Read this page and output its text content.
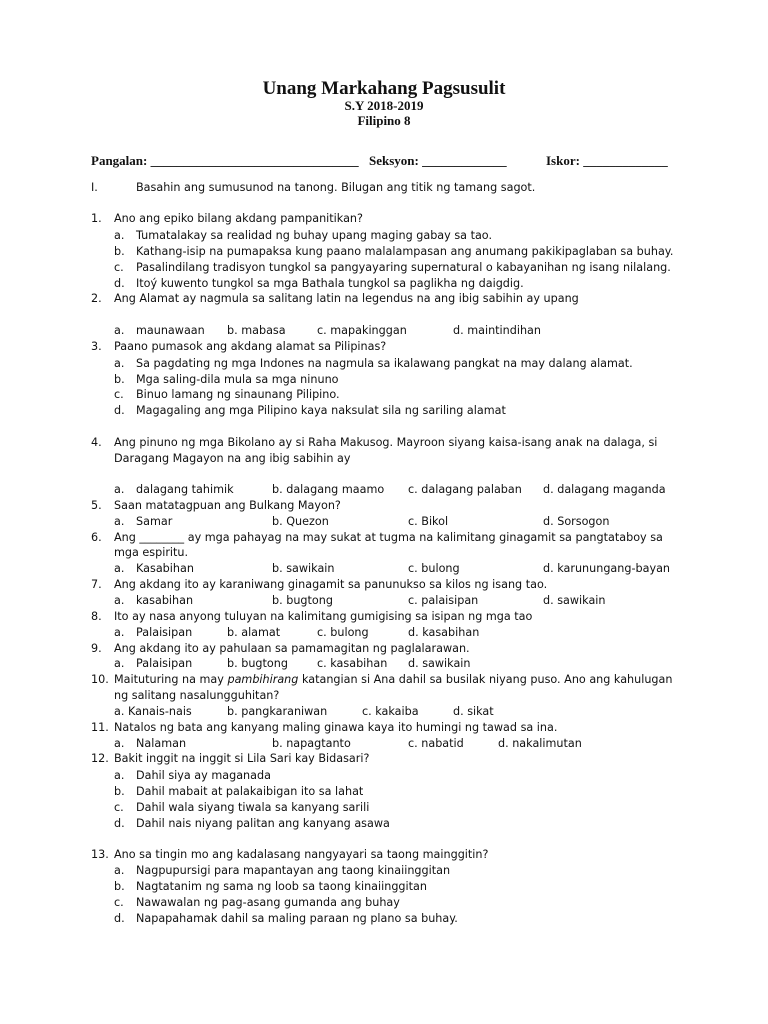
Unang Markahang Pagsusulit
S.Y 2018-2019
Filipino 8
Pangalan: ________________________________ Seksyon: _____________	Iskor: _____________
I.	Basahin ang sumusunod na tanong. Bilugan ang titik ng tamang sagot.
1. Ano ang epiko bilang akdang pampanitikan?
a. Tumatalakay sa realidad ng buhay upang maging gabay sa tao.
b. Kathang-isip na pumapaksa kung paano malalampasan ang anumang pakikipaglaban sa buhay.
c. Pasalindilang tradisyon tungkol sa pangyayaring supernatural o kabayanihan ng isang nilalang.
d. Itoý kuwento tungkol sa mga Bathala tungkol sa paglikha ng daigdig.
2. Ang Alamat ay nagmula sa salitang latin na legendus na ang ibig sabihin ay upang
a. maunawaan b. mabasa	c. mapakinggan	d. maintindihan
3. Paano pumasok ang akdang alamat sa Pilipinas?
a. Sa pagdating ng mga Indones na nagmula sa ikalawang pangkat na may dalang alamat.
b. Mga saling-dila mula sa mga ninuno
c. Binuo lamang ng sinaunang Pilipino.
d. Magagaling ang mga Pilipino kaya naksulat sila ng sariling alamat
4. Ang pinuno ng mga Bikolano ay si Raha Makusog. Mayroon siyang kaisa-isang anak na dalaga, si
Daragang Magayon na ang ibig sabihin ay
a. dalagang tahimik	b. dalagang maamo c. dalagang palaban d. dalagang maganda
5. Saan matatagpuan ang Bulkang Mayon?
a. Samar	b. Quezon	c. Bikol	d. Sorsogon
6. Ang ________ ay mga pahayag na may sukat at tugma na kalimitang ginagamit sa pangtataboy sa
mga espiritu.
a. Kasabihan	b. sawikain	c. bulong	d. karunungang-bayan
7. Ang akdang ito ay karaniwang ginagamit sa panunukso sa kilos ng isang tao.
a. kasabihan	b. bugtong	c. palaisipan	d. sawikain
8. Ito ay nasa anyong tuluyan na kalimitang gumigising sa isipan ng mga tao
a. Palaisipan	b. alamat	c. bulong	d. kasabihan
9. Ang akdang ito ay pahulaan sa pamamagitan ng paglalarawan.
a. Palaisipan	b. bugtong	c. kasabihan d. sawikain
10. Maituturing na may pambihirang katangian si Ana dahil sa busilak niyang puso. Ano ang kahulugan
ng salitang nasalungguhitan?
a. Kanais-nais	b. pangkaraniwan	c. kakaiba	d. sikat
11. Natalos ng bata ang kanyang maling ginawa kaya ito humingi ng tawad sa ina.
a. Nalaman	b. napagtanto	c. nabatid	d. nakalimutan
12. Bakit inggit na inggit si Lila Sari kay Bidasari?
a. Dahil siya ay maganada
b. Dahil mabait at palakaibigan ito sa lahat
c. Dahil wala siyang tiwala sa kanyang sarili
d. Dahil nais niyang palitan ang kanyang asawa
13. Ano sa tingin mo ang kadalasang nangyayari sa taong mainggitin?
a. Nagpupursigi para mapantayan ang taong kinaiinggitan
b. Nagtatanim ng sama ng loob sa taong kinaiinggitan
c. Nawawalan ng pag-asang gumanda ang buhay
d. Napapahamak dahil sa maling paraan ng plano sa buhay.
